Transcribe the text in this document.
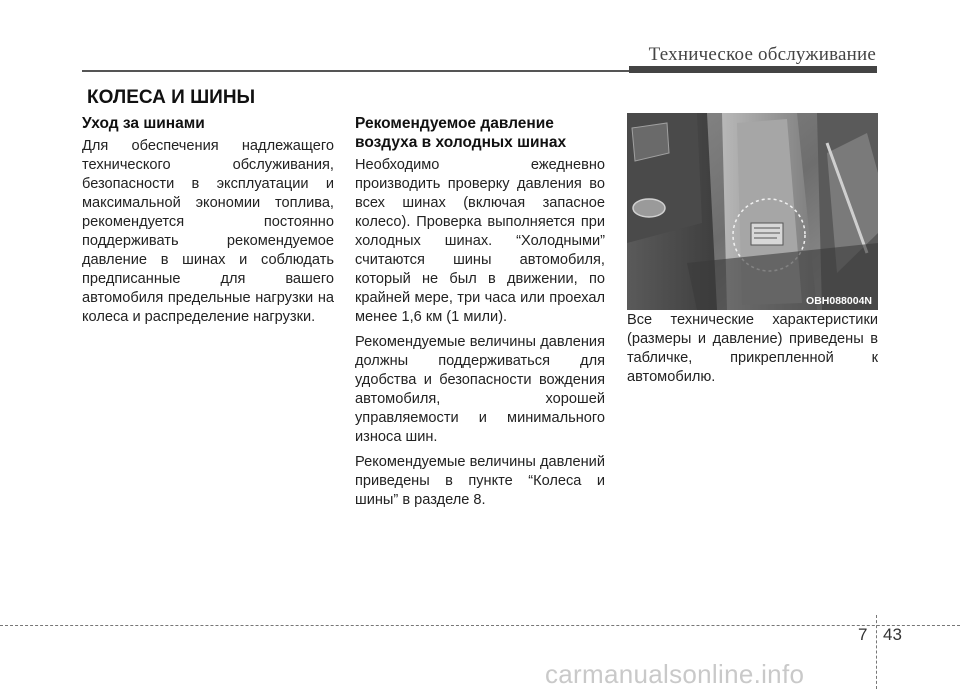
Техническое обслуживание
КОЛЕСА И ШИНЫ
Уход за шинами

Для обеспечения надлежащего технического обслуживания, безопасности в эксплуатации и максимальной экономии топлива, рекомендуется постоянно поддерживать рекомендуемое давление в шинах и соблюдать предписанные для вашего автомобиля предельные нагрузки на колеса и распределение нагрузки.

Рекомендуемое давление воздуха в холодных шинах

Необходимо ежедневно производить проверку давления во всех шинах (включая запасное колесо). Проверка выполняется при холодных шинах. “Холодными” считаются шины автомобиля, который не был в движении, по крайней мере, три часа или проехал менее 1,6 км (1 мили).

Рекомендуемые величины давления должны поддерживаться для удобства и безопасности вождения автомобиля, хорошей управляемости и минимального износа шин.

Рекомендуемые величины давлений приведены в пункте “Колеса и шины” в разделе 8.

OBH088004N

Все технические характеристики (размеры и давление) приведены в табличке, прикрепленной к автомобилю.

7 43
carmanualsonline.info
